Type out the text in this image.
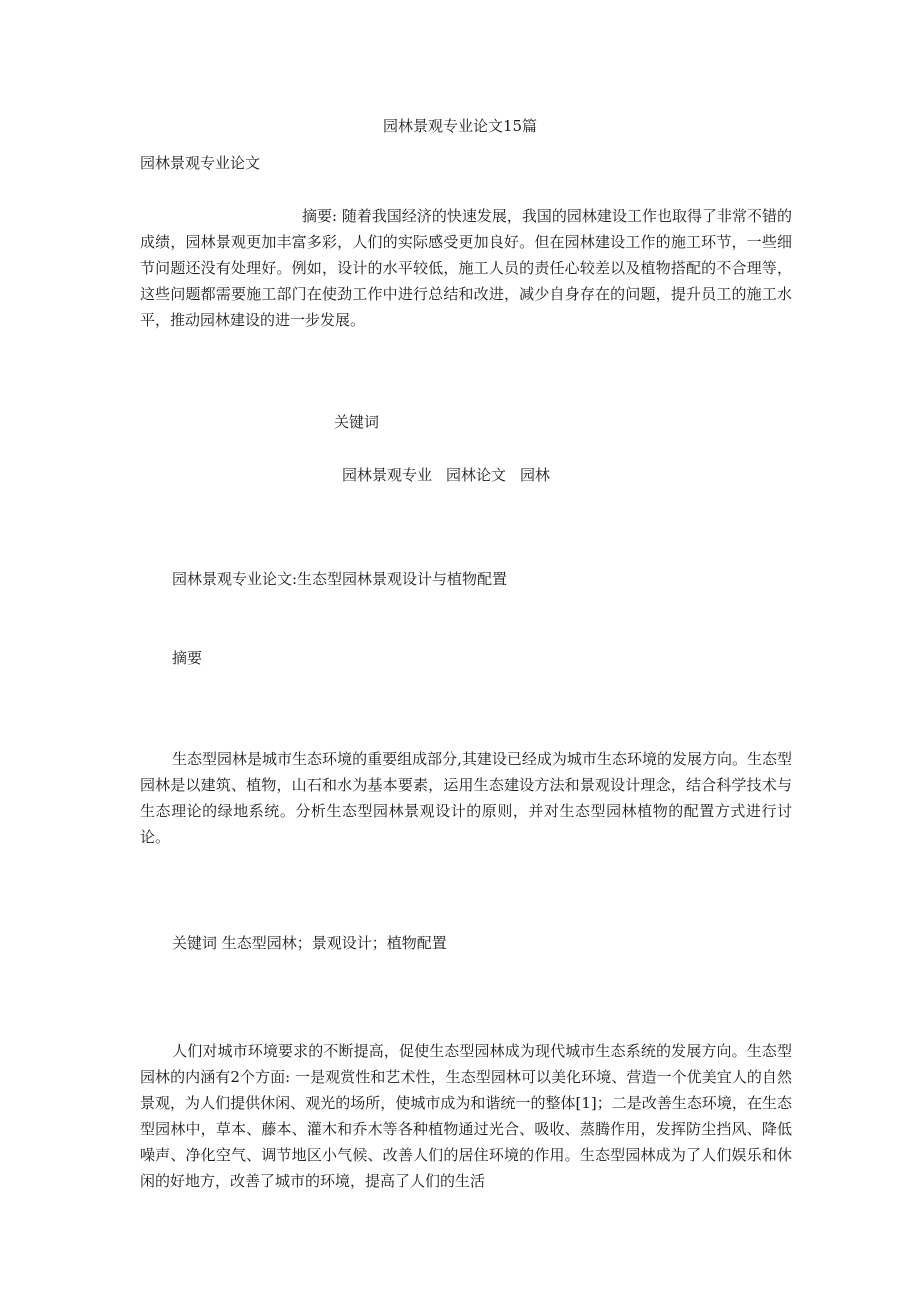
园林景观专业论文15篇
园林景观专业论文
摘要: 随着我国经济的快速发展，我国的园林建设工作也取得了非常不错的成绩，园林景观更加丰富多彩，人们的实际感受更加良好。但在园林建设工作的施工环节，一些细节问题还没有处理好。例如，设计的水平较低，施工人员的责任心较差以及植物搭配的不合理等，这些问题都需要施工部门在使劲工作中进行总结和改进，减少自身存在的问题，提升员工的施工水平，推动园林建设的进一步发展。
关键词
园林景观专业 园林论文 园林
园林景观专业论文:生态型园林景观设计与植物配置
摘要
生态型园林是城市生态环境的重要组成部分,其建设已经成为城市生态环境的发展方向。生态型园林是以建筑、植物，山石和水为基本要素，运用生态建设方法和景观设计理念，结合科学技术与生态理论的绿地系统。分析生态型园林景观设计的原则，并对生态型园林植物的配置方式进行讨论。
关键词 生态型园林；景观设计；植物配置
人们对城市环境要求的不断提高，促使生态型园林成为现代城市生态系统的发展方向。生态型园林的内涵有2个方面: 一是观赏性和艺术性，生态型园林可以美化环境、营造一个优美宜人的自然景观，为人们提供休闲、观光的场所，使城市成为和谐统一的整体[1]；二是改善生态环境，在生态型园林中，草本、藤本、灌木和乔木等各种植物通过光合、吸收、蒸腾作用，发挥防尘挡风、降低噪声、净化空气、调节地区小气候、改善人们的居住环境的作用。生态型园林成为了人们娱乐和休闲的好地方，改善了城市的环境，提高了人们的生活
